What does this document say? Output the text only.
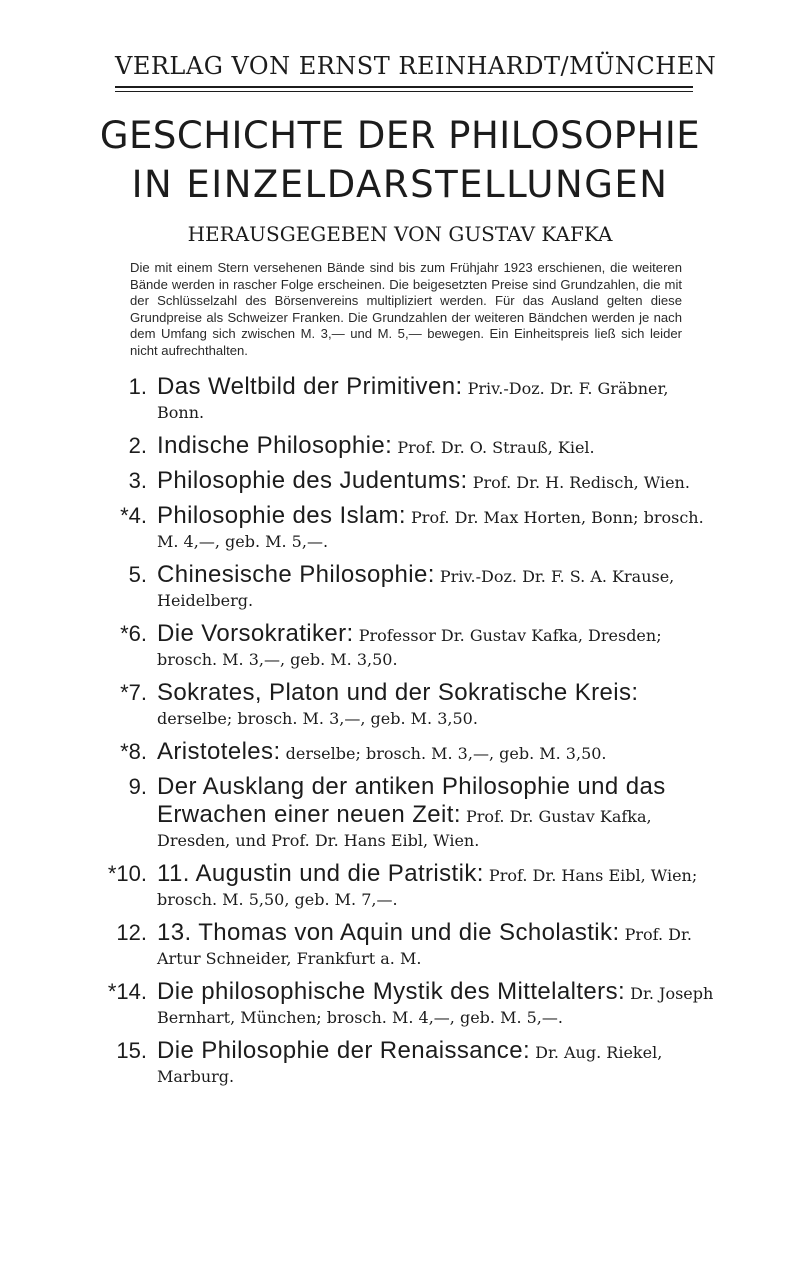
VERLAG VON ERNST REINHARDT/MÜNCHEN
GESCHICHTE DER PHILOSOPHIE
IN EINZELDARSTELLUNGEN
HERAUSGEGEBEN VON GUSTAV KAFKA
Die mit einem Stern versehenen Bände sind bis zum Frühjahr 1923 erschienen, die weiteren Bände werden in rascher Folge erscheinen. Die beigesetzten Preise sind Grundzahlen, die mit der Schlüsselzahl des Börsenvereins multipliziert werden. Für das Ausland gelten diese Grundpreise als Schweizer Franken. Die Grundzahlen der weiteren Bändchen werden je nach dem Umfang sich zwischen M. 3,— und M. 5,— bewegen. Ein Einheitspreis ließ sich leider nicht aufrechthalten.
1. Das Weltbild der Primitiven: Priv.-Doz. Dr. F. Gräbner, Bonn.
2. Indische Philosophie: Prof. Dr. O. Strauß, Kiel.
3. Philosophie des Judentums: Prof. Dr. H. Redisch, Wien.
*4. Philosophie des Islam: Prof. Dr. Max Horten, Bonn; brosch. M. 4,—, geb. M. 5,—.
5. Chinesische Philosophie: Priv.-Doz. Dr. F. S. A. Krause, Heidelberg.
*6. Die Vorsokratiker: Professor Dr. Gustav Kafka, Dresden; brosch. M. 3,—, geb. M. 3,50.
*7. Sokrates, Platon und der Sokratische Kreis: derselbe; brosch. M. 3,—, geb. M. 3,50.
*8. Aristoteles: derselbe; brosch. M. 3,—, geb. M. 3,50.
9. Der Ausklang der antiken Philosophie und das Erwachen einer neuen Zeit: Prof. Dr. Gustav Kafka, Dresden, und Prof. Dr. Hans Eibl, Wien.
*10. 11. Augustin und die Patristik: Prof. Dr. Hans Eibl, Wien; brosch. M. 5,50, geb. M. 7,—.
12. 13. Thomas von Aquin und die Scholastik: Prof. Dr. Artur Schneider, Frankfurt a. M.
*14. Die philosophische Mystik des Mittelalters: Dr. Joseph Bernhart, München; brosch. M. 4,—, geb. M. 5,—.
15. Die Philosophie der Renaissance: Dr. Aug. Riekel, Marburg.
